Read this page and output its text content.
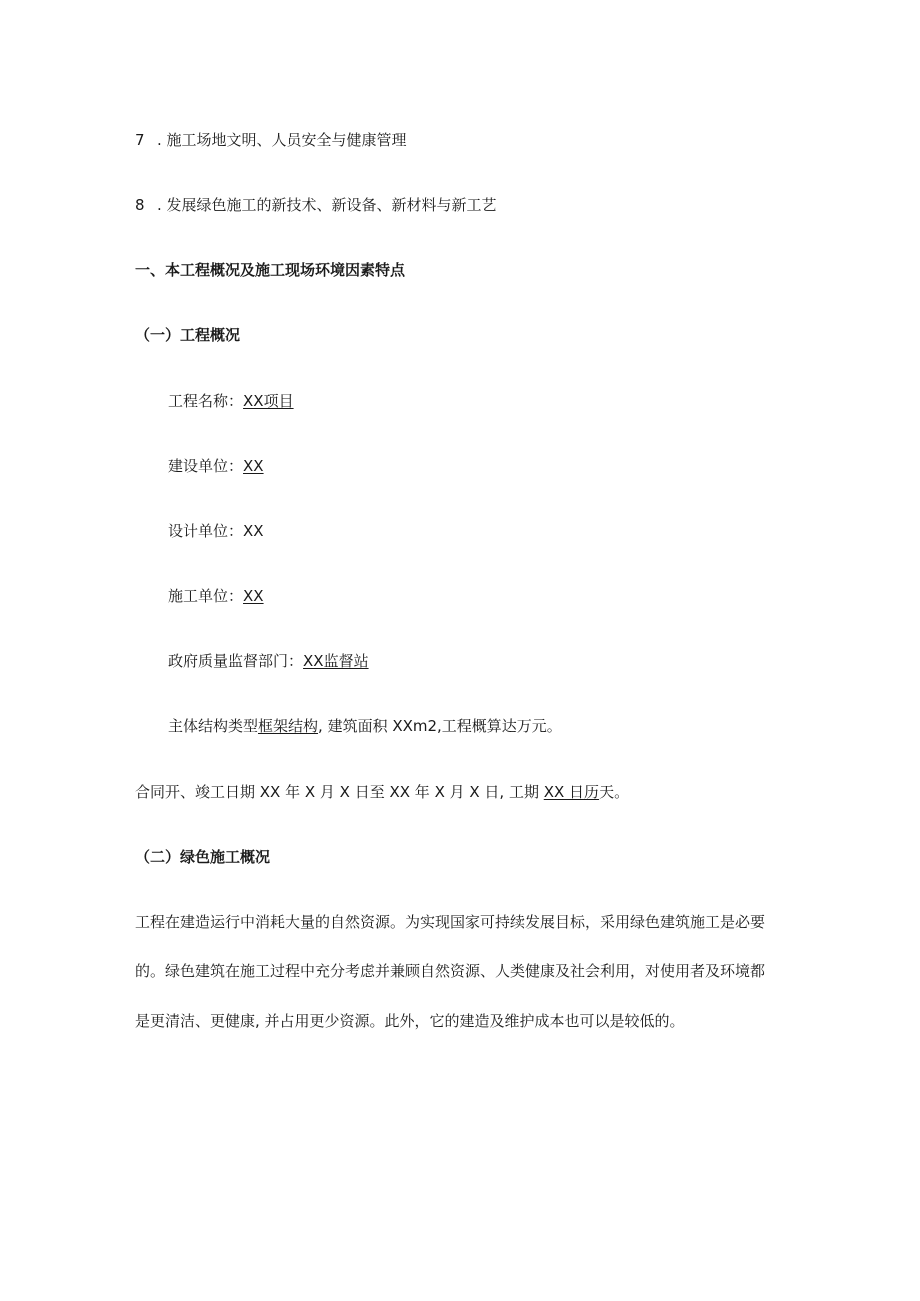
7 . 施工场地文明、人员安全与健康管理
8 . 发展绿色施工的新技术、新设备、新材料与新工艺
一、本工程概况及施工现场环境因素特点
（一）工程概况
工程名称：XX项目
建设单位：XX
设计单位：XX
施工单位：XX
政府质量监督部门：XX监督站
主体结构类型框架结构, 建筑面积 XXm2,工程概算达万元。
合同开、竣工日期 XX 年 X 月 X 日至 XX 年 X 月 X 日, 工期 XX 日历天。
（二）绿色施工概况
工程在建造运行中消耗大量的自然资源。为实现国家可持续发展目标，采用绿色建筑施工是必要
的。绿色建筑在施工过程中充分考虑并兼顾自然资源、人类健康及社会利用，对使用者及环境都
是更清洁、更健康, 并占用更少资源。此外，它的建造及维护成本也可以是较低的。
